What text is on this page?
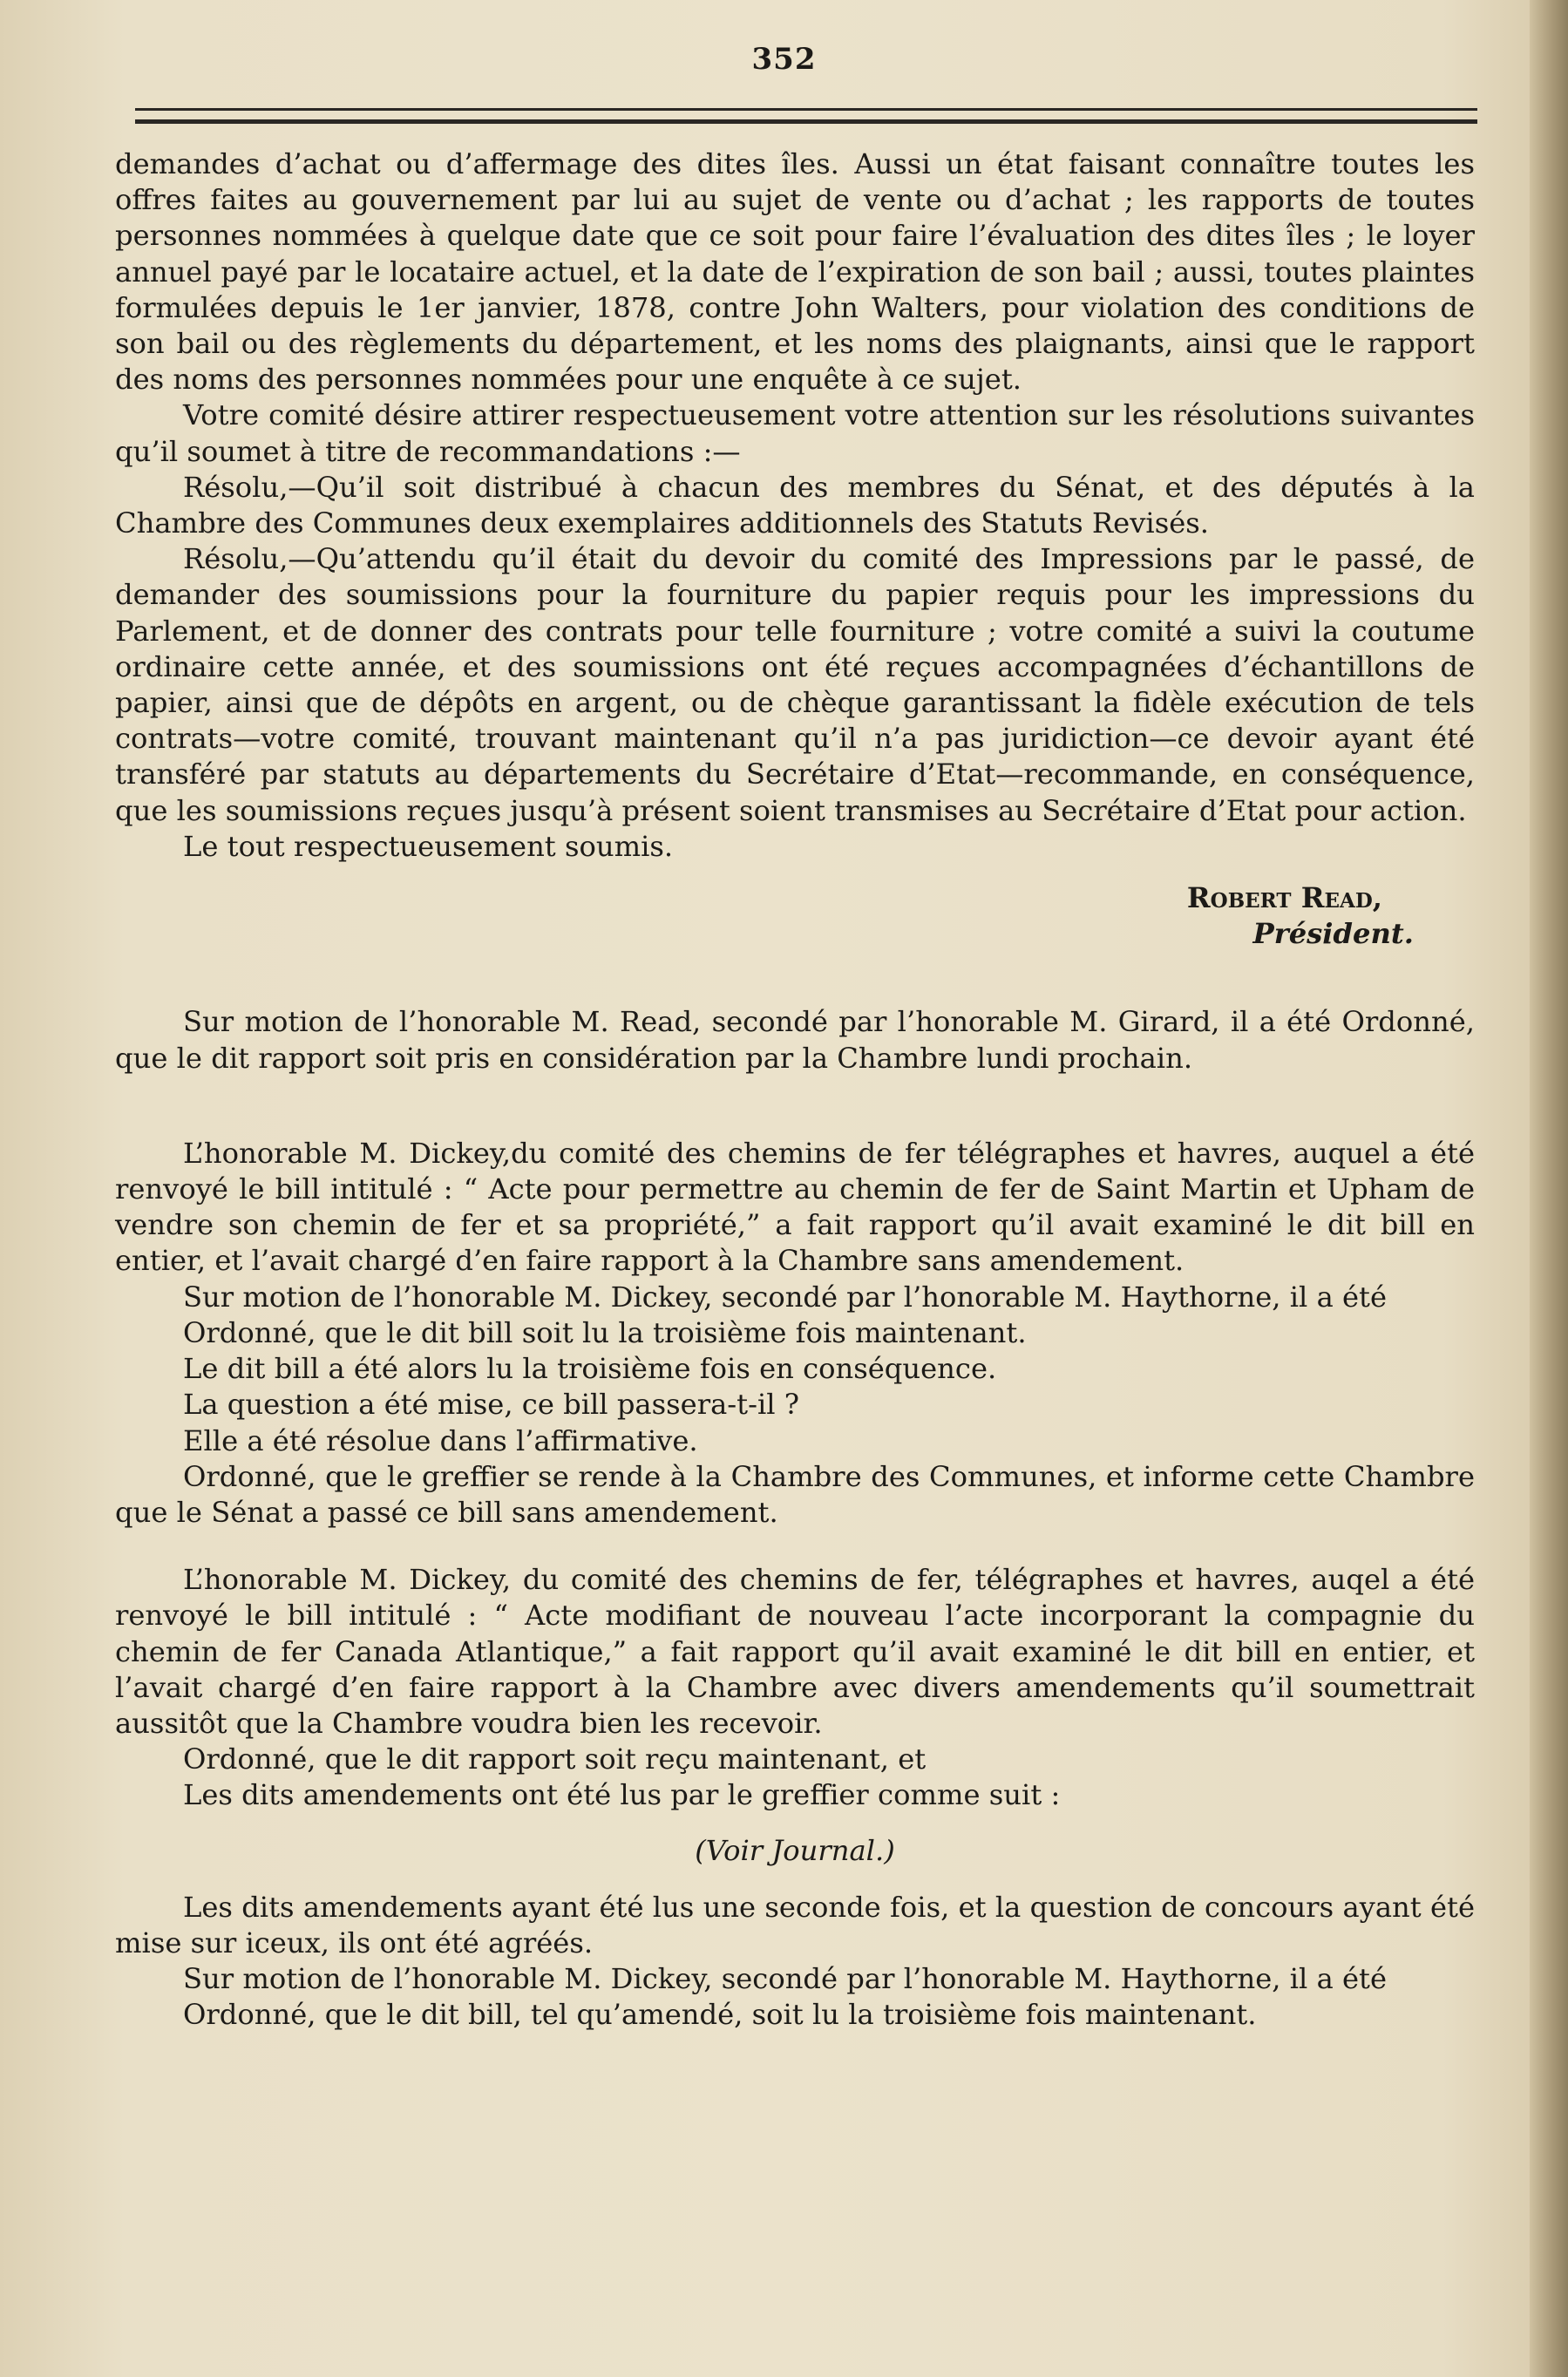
352

demandes d’achat ou d’affermage des dites îles. Aussi un état faisant connaître toutes les offres faites au gouvernement par lui au sujet de vente ou d’achat ; les rapports de toutes personnes nommées à quelque date que ce soit pour faire l’évaluation des dites îles ; le loyer annuel payé par le locataire actuel, et la date de l’expiration de son bail ; aussi, toutes plaintes formulées depuis le 1er janvier, 1878, contre John Walters, pour violation des conditions de son bail ou des règlements du département, et les noms des plaignants, ainsi que le rapport des noms des personnes nommées pour une enquête à ce sujet.

Votre comité désire attirer respectueusement votre attention sur les résolutions suivantes qu’il soumet à titre de recommandations :—

Résolu,—Qu’il soit distribué à chacun des membres du Sénat, et des députés à la Chambre des Communes deux exemplaires additionnels des Statuts Revisés.

Résolu,—Qu’attendu qu’il était du devoir du comité des Impressions par le passé, de demander des soumissions pour la fourniture du papier requis pour les impressions du Parlement, et de donner des contrats pour telle fourniture ; votre comité a suivi la coutume ordinaire cette année, et des soumissions ont été reçues accompagnées d’échantillons de papier, ainsi que de dépôts en argent, ou de chèque garantissant la fidèle exécution de tels contrats—votre comité, trouvant maintenant qu’il n’a pas juridiction—ce devoir ayant été transféré par statuts au départements du Secrétaire d’Etat—recommande, en conséquence, que les soumissions reçues jusqu’à présent soient transmises au Secrétaire d’Etat pour action.

Le tout respectueusement soumis.

Robert Read,
Président.

Sur motion de l’honorable M. Read, secondé par l’honorable M. Girard, il a été Ordonné, que le dit rapport soit pris en considération par la Chambre lundi prochain.

L’honorable M. Dickey,du comité des chemins de fer télégraphes et havres, auquel a été renvoyé le bill intitulé : “ Acte pour permettre au chemin de fer de Saint Martin et Upham de vendre son chemin de fer et sa propriété,” a fait rapport qu’il avait examiné le dit bill en entier, et l’avait chargé d’en faire rapport à la Chambre sans amendement.

Sur motion de l’honorable M. Dickey, secondé par l’honorable M. Haythorne, il a été

Ordonné, que le dit bill soit lu la troisième fois maintenant.

Le dit bill a été alors lu la troisième fois en conséquence.

La question a été mise, ce bill passera-t-il ?

Elle a été résolue dans l’affirmative.

Ordonné, que le greffier se rende à la Chambre des Communes, et informe cette Chambre que le Sénat a passé ce bill sans amendement.

L’honorable M. Dickey, du comité des chemins de fer, télégraphes et havres, auqel a été renvoyé le bill intitulé : “ Acte modifiant de nouveau l’acte incorporant la compagnie du chemin de fer Canada Atlantique,” a fait rapport qu’il avait examiné le dit bill en entier, et l’avait chargé d’en faire rapport à la Chambre avec divers amendements qu’il soumettrait aussitôt que la Chambre voudra bien les recevoir.

Ordonné, que le dit rapport soit reçu maintenant, et

Les dits amendements ont été lus par le greffier comme suit :

(Voir Journal.)

Les dits amendements ayant été lus une seconde fois, et la question de concours ayant été mise sur iceux, ils ont été agréés.

Sur motion de l’honorable M. Dickey, secondé par l’honorable M. Haythorne, il a été

Ordonné, que le dit bill, tel qu’amendé, soit lu la troisième fois maintenant.
